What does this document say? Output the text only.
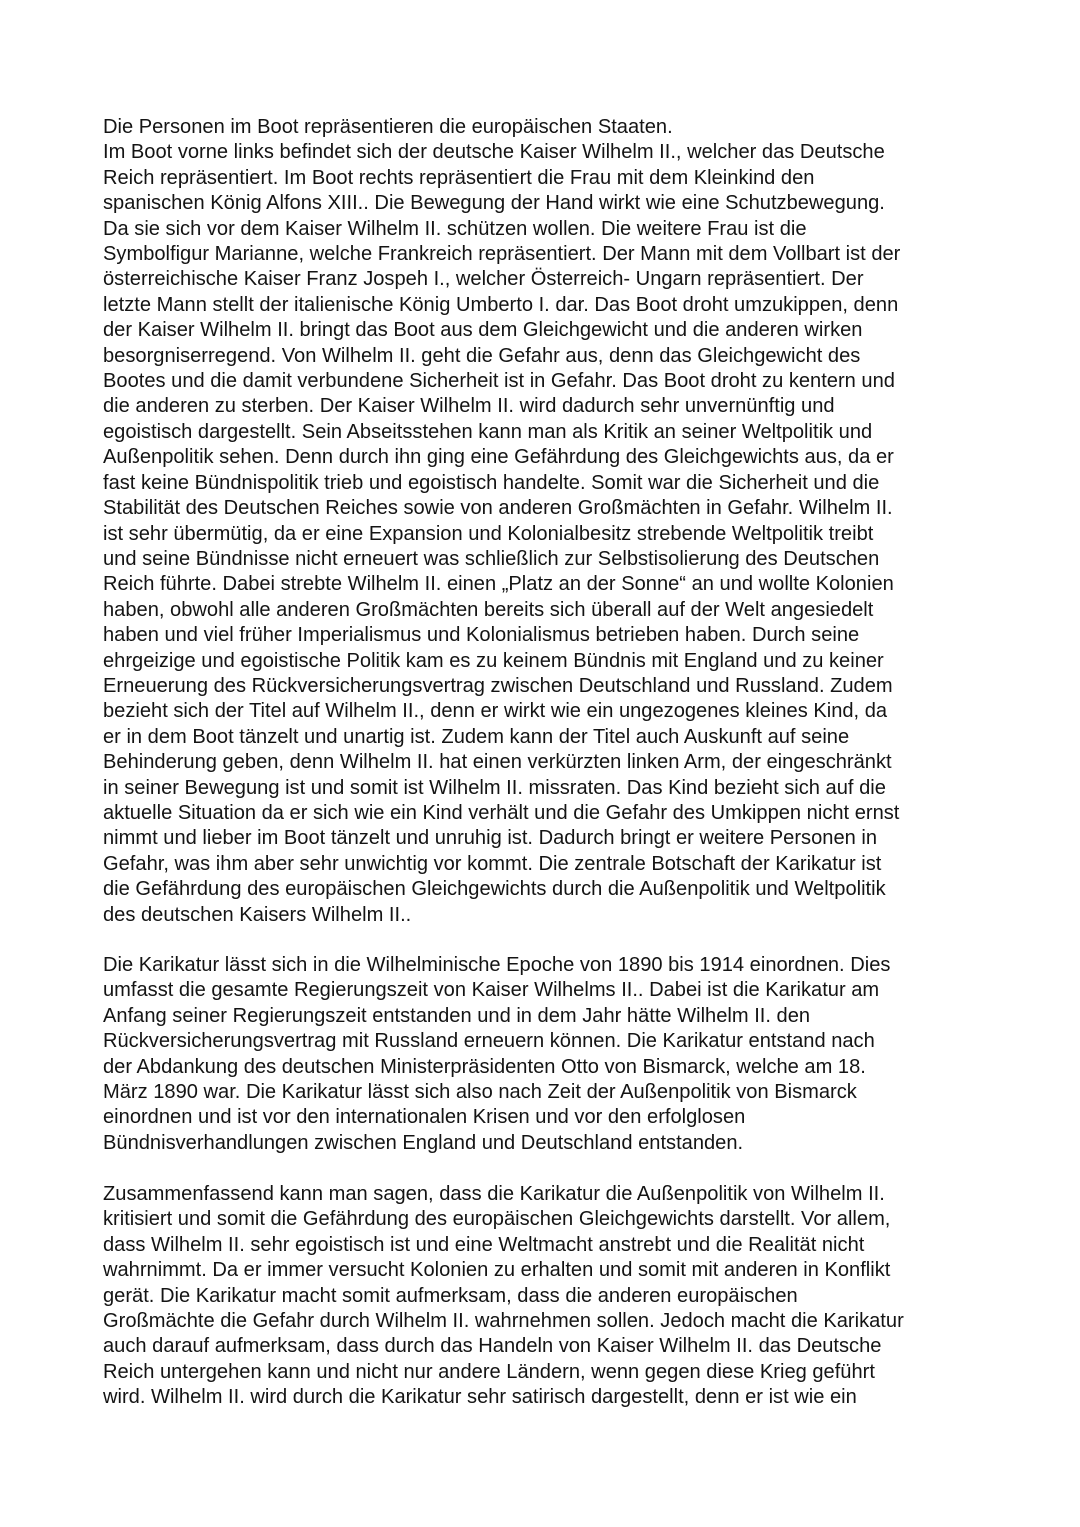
Die Personen im Boot repräsentieren die europäischen Staaten.
Im Boot vorne links befindet sich der deutsche Kaiser Wilhelm II., welcher das Deutsche
Reich repräsentiert. Im Boot rechts repräsentiert die Frau mit dem Kleinkind den
spanischen König Alfons XIII.. Die Bewegung der Hand wirkt wie eine Schutzbewegung.
Da sie sich vor dem Kaiser Wilhelm II. schützen wollen. Die weitere Frau ist die
Symbolfigur Marianne, welche Frankreich repräsentiert. Der Mann mit dem Vollbart ist der
österreichische Kaiser Franz Jospeh I., welcher Österreich- Ungarn repräsentiert. Der
letzte Mann stellt der italienische König Umberto I. dar. Das Boot droht umzukippen, denn
der Kaiser Wilhelm II. bringt das Boot aus dem Gleichgewicht und die anderen wirken
besorgniserregend. Von Wilhelm II. geht die Gefahr aus, denn das Gleichgewicht des
Bootes und die damit verbundene Sicherheit ist in Gefahr. Das Boot droht zu kentern und
die anderen zu sterben. Der Kaiser Wilhelm II. wird dadurch sehr unvernünftig und
egoistisch dargestellt. Sein Abseitsstehen kann man als Kritik an seiner Weltpolitik und
Außenpolitik sehen. Denn durch ihn ging eine Gefährdung des Gleichgewichts aus, da er
fast keine Bündnispolitik trieb und egoistisch handelte. Somit war die Sicherheit und die
Stabilität des Deutschen Reiches sowie von anderen Großmächten in Gefahr. Wilhelm II.
ist sehr übermütig, da er eine Expansion und Kolonialbesitz strebende Weltpolitik treibt
und seine Bündnisse nicht erneuert was schließlich zur Selbstisolierung des Deutschen
Reich führte. Dabei strebte Wilhelm II. einen „Platz an der Sonne“ an und wollte Kolonien
haben, obwohl alle anderen Großmächten bereits sich überall auf der Welt angesiedelt
haben und viel früher Imperialismus und Kolonialismus betrieben haben. Durch seine
ehrgeizige und egoistische Politik kam es zu keinem Bündnis mit England und zu keiner
Erneuerung des Rückversicherungsvertrag zwischen Deutschland und Russland. Zudem
bezieht sich der Titel auf Wilhelm II., denn er wirkt wie ein ungezogenes kleines Kind, da
er in dem Boot tänzelt und unartig ist. Zudem kann der Titel auch Auskunft auf seine
Behinderung geben, denn Wilhelm II. hat einen verkürzten linken Arm, der eingeschränkt
in seiner Bewegung ist und somit ist Wilhelm II. missraten. Das Kind bezieht sich auf die
aktuelle Situation da er sich wie ein Kind verhält und die Gefahr des Umkippen nicht ernst
nimmt und lieber im Boot tänzelt und unruhig ist. Dadurch bringt er weitere Personen in
Gefahr, was ihm aber sehr unwichtig vor kommt. Die zentrale Botschaft der Karikatur ist
die Gefährdung des europäischen Gleichgewichts durch die Außenpolitik und Weltpolitik
des deutschen Kaisers Wilhelm II..
Die Karikatur lässt sich in die Wilhelminische Epoche von 1890 bis 1914 einordnen. Dies
umfasst die gesamte Regierungszeit von Kaiser Wilhelms II.. Dabei ist die Karikatur am
Anfang seiner Regierungszeit entstanden und in dem Jahr hätte Wilhelm II. den
Rückversicherungsvertrag mit Russland erneuern können. Die Karikatur entstand nach
der Abdankung des deutschen Ministerpräsidenten Otto von Bismarck, welche am 18.
März 1890 war. Die Karikatur lässt sich also nach Zeit der Außenpolitik von Bismarck
einordnen und ist vor den internationalen Krisen und vor den erfolglosen
Bündnisverhandlungen zwischen England und Deutschland entstanden.
Zusammenfassend kann man sagen, dass die Karikatur die Außenpolitik von Wilhelm II.
kritisiert und somit die Gefährdung des europäischen Gleichgewichts darstellt. Vor allem,
dass Wilhelm II. sehr egoistisch ist und eine Weltmacht anstrebt und die Realität nicht
wahrnimmt. Da er immer versucht Kolonien zu erhalten und somit mit anderen in Konflikt
gerät. Die Karikatur macht somit aufmerksam, dass die anderen europäischen
Großmächte die Gefahr durch Wilhelm II. wahrnehmen sollen. Jedoch macht die Karikatur
auch darauf aufmerksam, dass durch das Handeln von Kaiser Wilhelm II. das Deutsche
Reich untergehen kann und nicht nur andere Ländern, wenn gegen diese Krieg geführt
wird. Wilhelm II. wird durch die Karikatur sehr satirisch dargestellt, denn er ist wie ein
